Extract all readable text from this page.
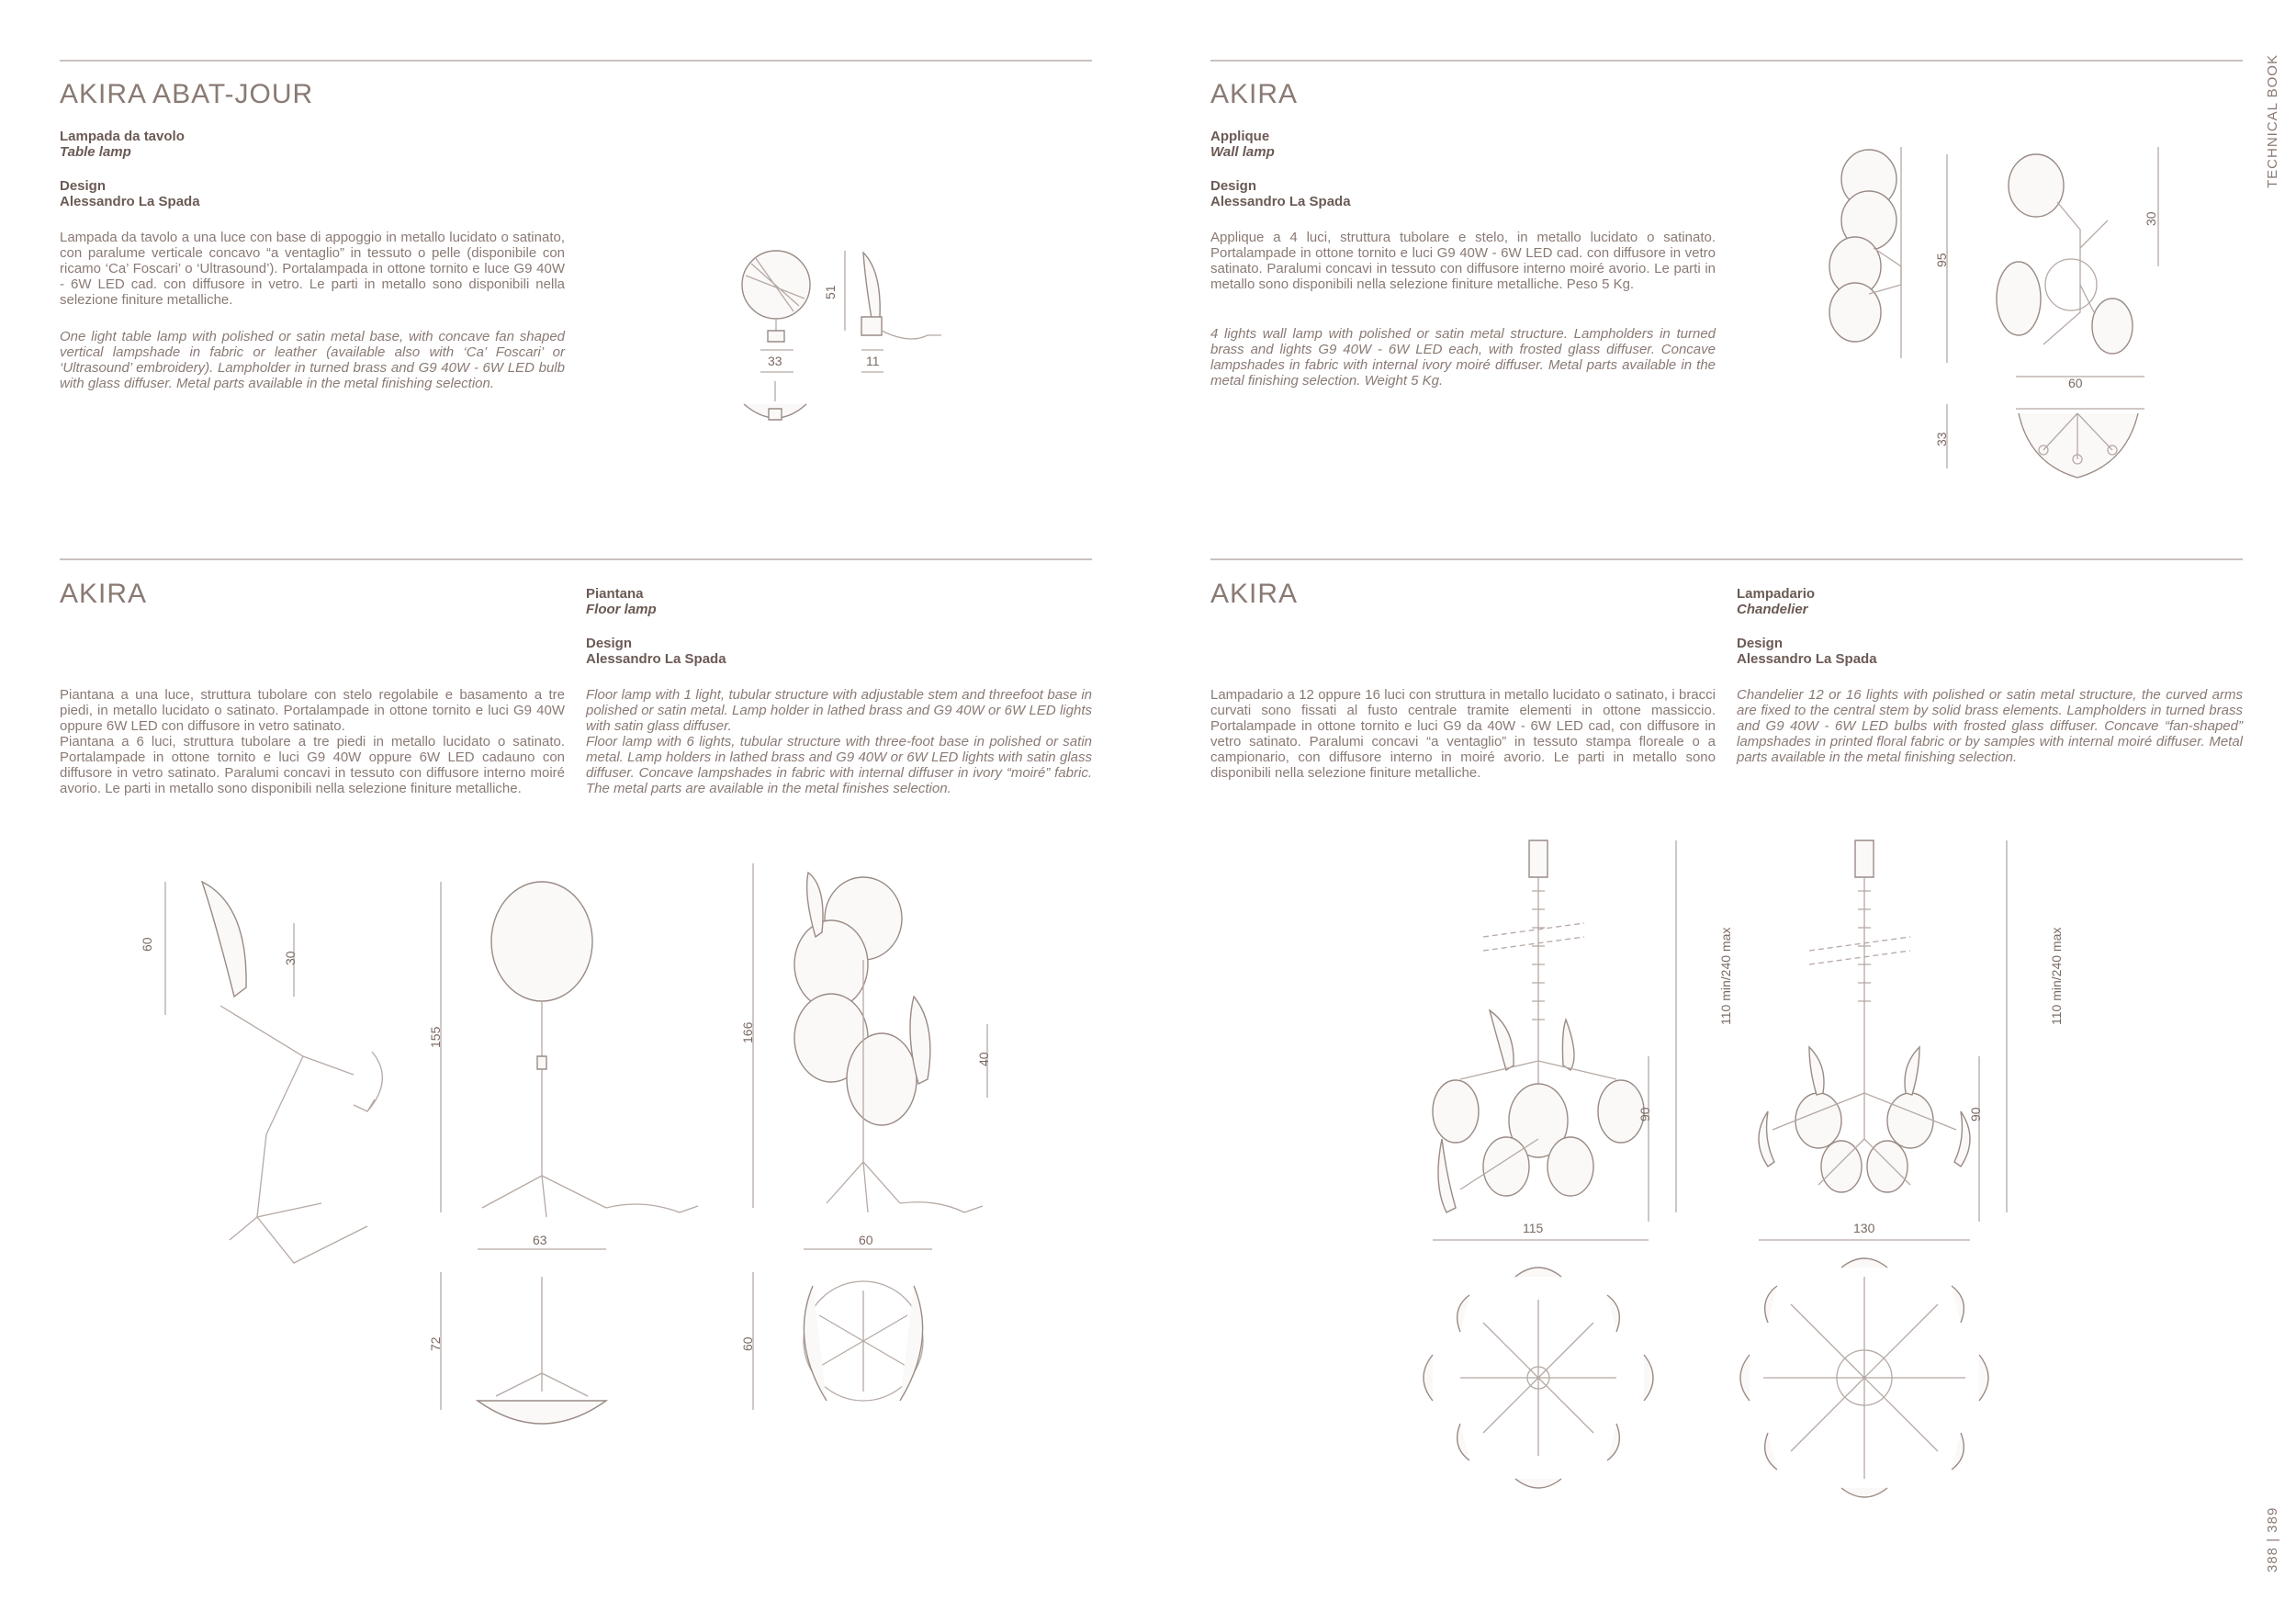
TECHNICAL BOOK
388 | 389
AKIRA ABAT-JOUR
Lampada da tavolo
Table lamp
Design
Alessandro La Spada

Lampada da tavolo a una luce con base di appoggio in metallo lucidato o satinato, con paralume verticale concavo “a ventaglio” in tessuto o pelle (disponibile con ricamo ‘Ca’ Foscari’ o ‘Ultrasound’). Portalampada in ottone tornito e luce G9 40W - 6W LED cad. con diffusore in vetro. Le parti in metallo sono disponibili nella selezione finiture metalliche.

One light table lamp with polished or satin metal base, with concave fan shaped vertical lampshade in fabric or leather (available also with ‘Ca’ Foscari’ or ‘Ultrasound’ embroidery). Lampholder in turned brass and G9 40W - 6W LED bulb with glass diffuser. Metal parts available in the metal finishing selection.

33
51
11
AKIRA
Applique
Wall lamp
Design
Alessandro La Spada

Applique a 4 luci, struttura tubolare e stelo, in metallo lucidato o satinato. Portalampade in ottone tornito e luci G9 40W - 6W LED cad. con diffusore in vetro satinato. Paralumi concavi in tessuto con diffusore interno moiré avorio. Le parti in metallo sono disponibili nella selezione finiture metalliche. Peso 5 Kg.

4 lights wall lamp with polished or satin metal structure. Lampholders in turned brass and lights G9 40W - 6W LED each, with frosted glass diffuser. Concave lampshades in fabric with internal ivory moiré diffuser. Metal parts available in the metal finishing selection. Weight 5 Kg.

95
30
60
33
AKIRA	Piantana
Floor lamp
Design
Alessandro La Spada

Piantana a una luce, struttura tubolare con stelo regolabile e basamento a tre piedi, in metallo lucidato o satinato. Portalampade in ottone tornito e luci G9 40W oppure 6W LED con diffusore in vetro satinato.
Piantana a 6 luci, struttura tubolare a tre piedi in metallo lucidato o satinato. Portalampade in ottone tornito e luci G9 40W oppure 6W LED cadauno con diffusore in vetro satinato. Paralumi concavi in tessuto con diffusore interno moiré avorio. Le parti in metallo sono disponibili nella selezione finiture metalliche.

Floor lamp with 1 light, tubular structure with adjustable stem and threefoot base in polished or satin metal. Lamp holder in lathed brass and G9 40W or 6W LED lights with satin glass diffuser.
Floor lamp with 6 lights, tubular structure with three-foot base in polished or satin metal. Lamp holders in lathed brass and G9 40W or 6W LED lights with satin glass diffuser. Concave lampshades in fabric with internal diffuser in ivory “moiré” fabric. The metal parts are available in the metal finishes selection.

60
30
155
63
72
166
40
60
60
AKIRA	Lampadario
Chandelier
Design
Alessandro La Spada

Lampadario a 12 oppure 16 luci con struttura in metallo lucidato o satinato, i bracci curvati sono fissati al fusto centrale tramite elementi in ottone massiccio. Portalampade in ottone tornito e luci G9 da 40W - 6W LED cad, con diffusore in vetro satinato. Paralumi concavi “a ventaglio” in tessuto stampa floreale o a campionario, con diffusore interno in moiré avorio. Le parti in metallo sono disponibili nella selezione finiture metalliche.

Chandelier 12 or 16 lights with polished or satin metal structure, the curved arms are fixed to the central stem by solid brass elements. Lampholders in turned brass and G9 40W - 6W LED bulbs with frosted glass diffuser. Concave “fan-shaped” lampshades in printed floral fabric or by samples with internal moiré diffuser. Metal parts available in the metal finishing selection.

115
90
110 min/240 max
130
90
110 min/240 max
